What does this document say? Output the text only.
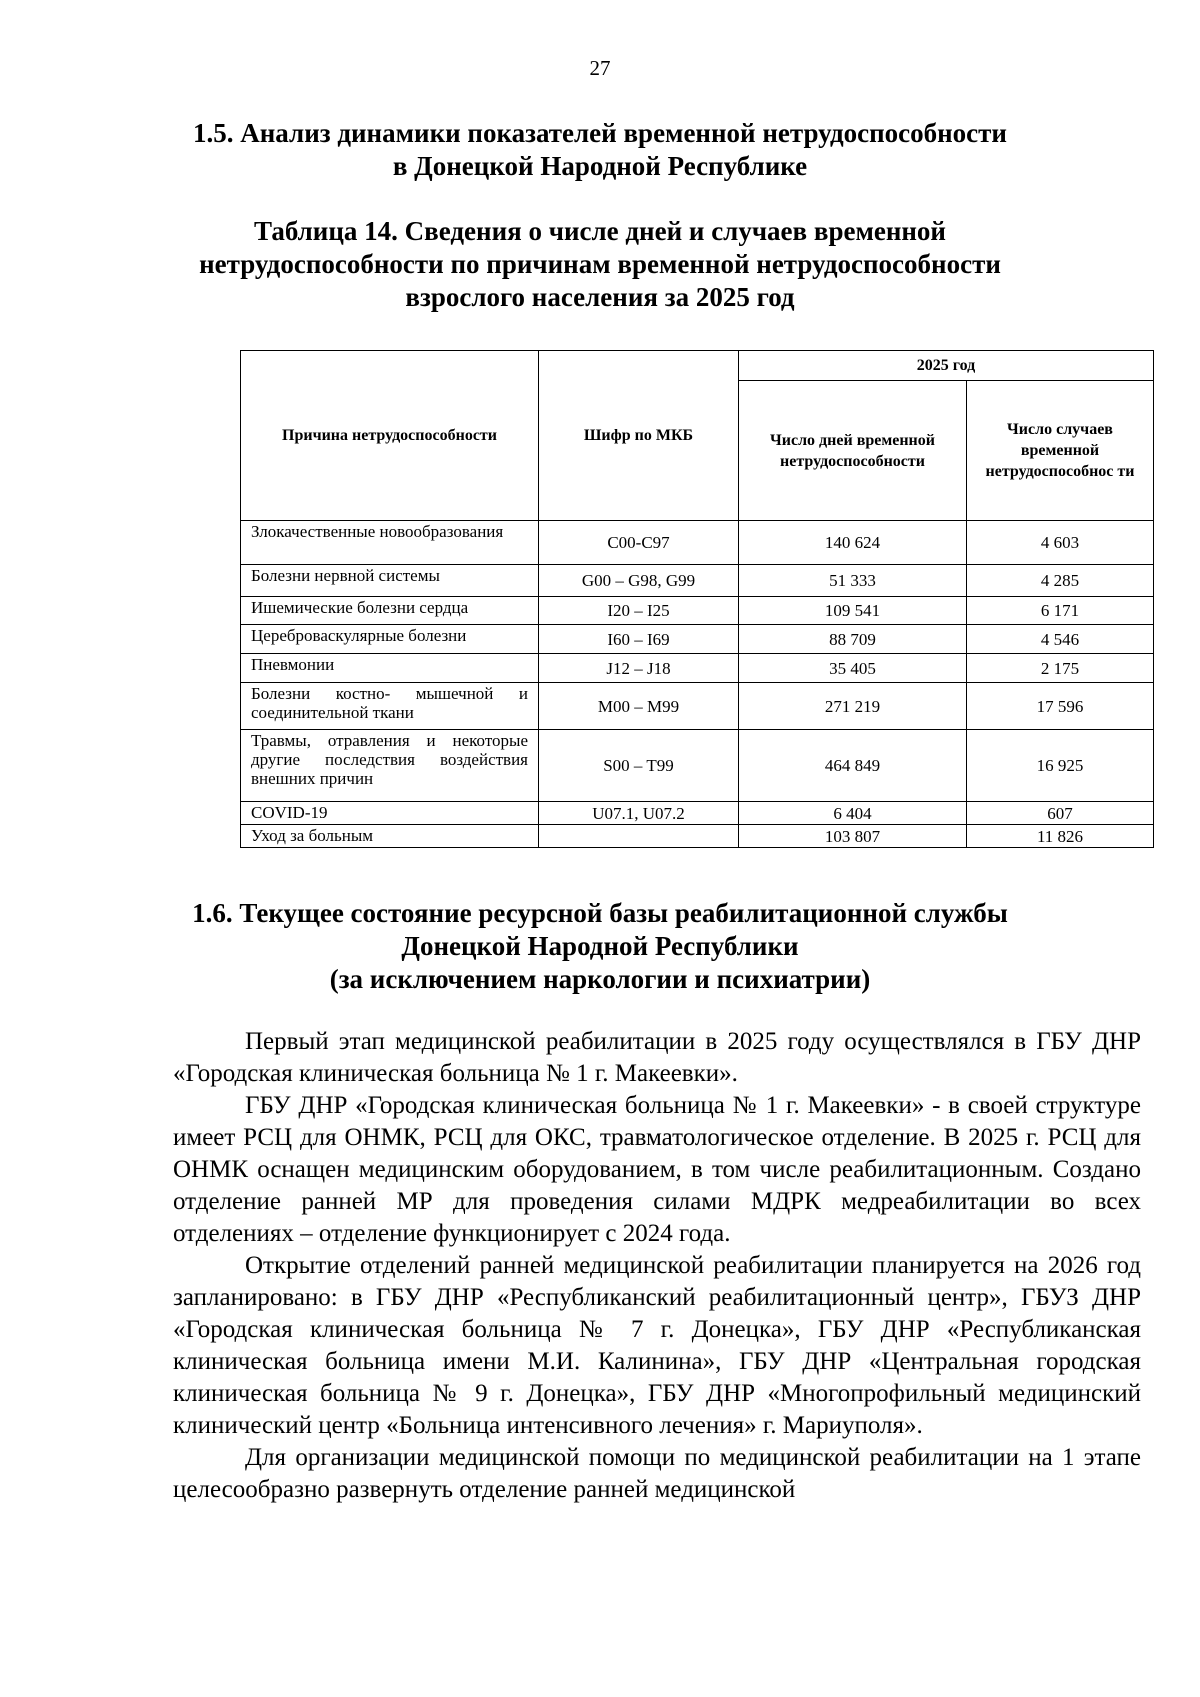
27
1.5. Анализ динамики показателей временной нетрудоспособности
в Донецкой Народной Республике
Таблица 14. Сведения о числе дней и случаев временной
нетрудоспособности по причинам временной нетрудоспособности
взрослого населения за 2025 год
Причина нетрудоспособности	Шифр по МКБ	2025 год	
		Число дней временной нетрудоспособности	Число случаев временной нетрудоспособнос ти
Злокачественные новообразования	C00-C97	140 624	4 603
Болезни нервной системы	G00 – G98, G99	51 333	4 285
Ишемические болезни сердца	I20 – I25	109 541	6 171
Цереброваскулярные болезни	I60 – I69	88 709	4 546
Пневмонии	J12 – J18	35 405	2 175
Болезни костно- мышечной и соединительной ткани	M00 – M99	271 219	17 596
Травмы, отравления и некоторые другие последствия воздействия внешних причин	S00 – T99	464 849	16 925
COVID-19	U07.1, U07.2	6 404	607
Уход за больным		103 807	11 826
1.6. Текущее состояние ресурсной базы реабилитационной службы
Донецкой Народной Республики
(за исключением наркологии и психиатрии)

Первый этап медицинской реабилитации в 2025 году осуществлялся в ГБУ ДНР «Городская клиническая больница № 1 г. Макеевки».

ГБУ ДНР «Городская клиническая больница № 1 г. Макеевки» - в своей структуре имеет РСЦ для ОНМК, РСЦ для ОКС, травматологическое отделение. В 2025 г. РСЦ для ОНМК оснащен медицинским оборудованием, в том числе реабилитационным. Создано отделение ранней МР для проведения силами МДРК медреабилитации во всех отделениях – отделение функционирует с 2024 года.

Открытие отделений ранней медицинской реабилитации планируется на 2026 год запланировано: в ГБУ ДНР «Республиканский реабилитационный центр», ГБУЗ ДНР «Городская клиническая больница № 7 г. Донецка», ГБУ ДНР «Республиканская клиническая больница имени М.И. Калинина», ГБУ ДНР «Центральная городская клиническая больница № 9 г. Донецка», ГБУ ДНР «Многопрофильный медицинский клинический центр «Больница интенсивного лечения» г. Мариуполя».

Для организации медицинской помощи по медицинской реабилитации на 1 этапе целесообразно развернуть отделение ранней медицинской
